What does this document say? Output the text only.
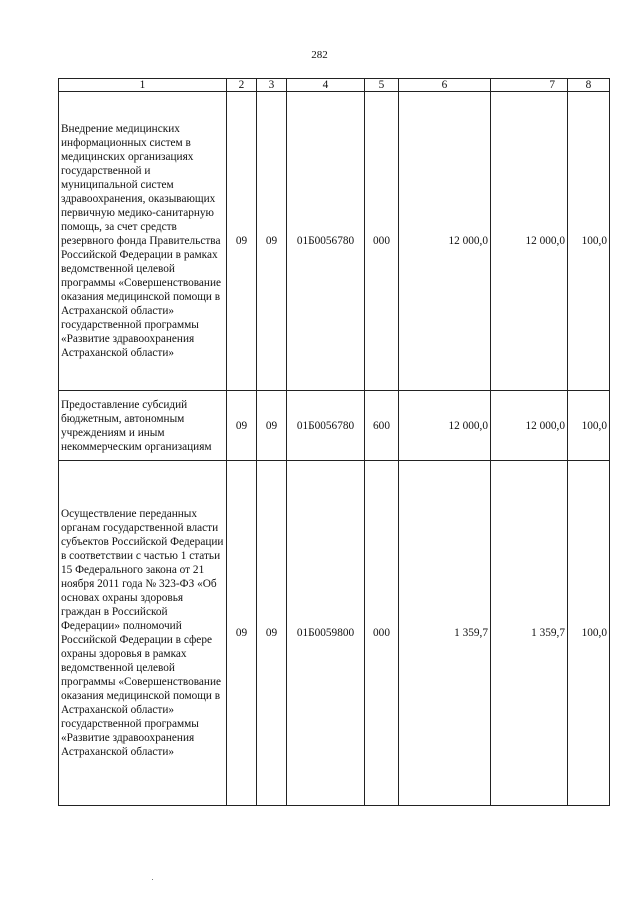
282
1	2	3	4	5	6	7	8
Внедрение медицинских информационных систем в медицинских организациях государственной и муниципальной систем здравоохранения, оказывающих первичную медико-санитарную помощь, за счет средств резервного фонда Правительства Российской Федерации в рамках ведомственной целевой программы «Совершенствование оказания медицинской помощи в Астраханской области» государственной программы «Развитие здравоохранения Астраханской области»	09	09	01Б0056780	000	12 000,0	12 000,0	100,0
Предоставление субсидий бюджетным, автономным учреждениям и иным некоммерческим организациям	09	09	01Б0056780	600	12 000,0	12 000,0	100,0
Осуществление переданных органам государственной власти субъектов Российской Федерации в соответствии с частью 1 статьи 15 Федерального закона от 21 ноября 2011 года № 323-ФЗ «Об основах охраны здоровья граждан в Российской Федерации» полномочий Российской Федерации в сфере охраны здоровья в рамках ведомственной целевой программы «Совершенствование оказания медицинской помощи в Астраханской области» государственной программы «Развитие здравоохранения Астраханской области»	09	09	01Б0059800	000	1 359,7	1 359,7	100,0
